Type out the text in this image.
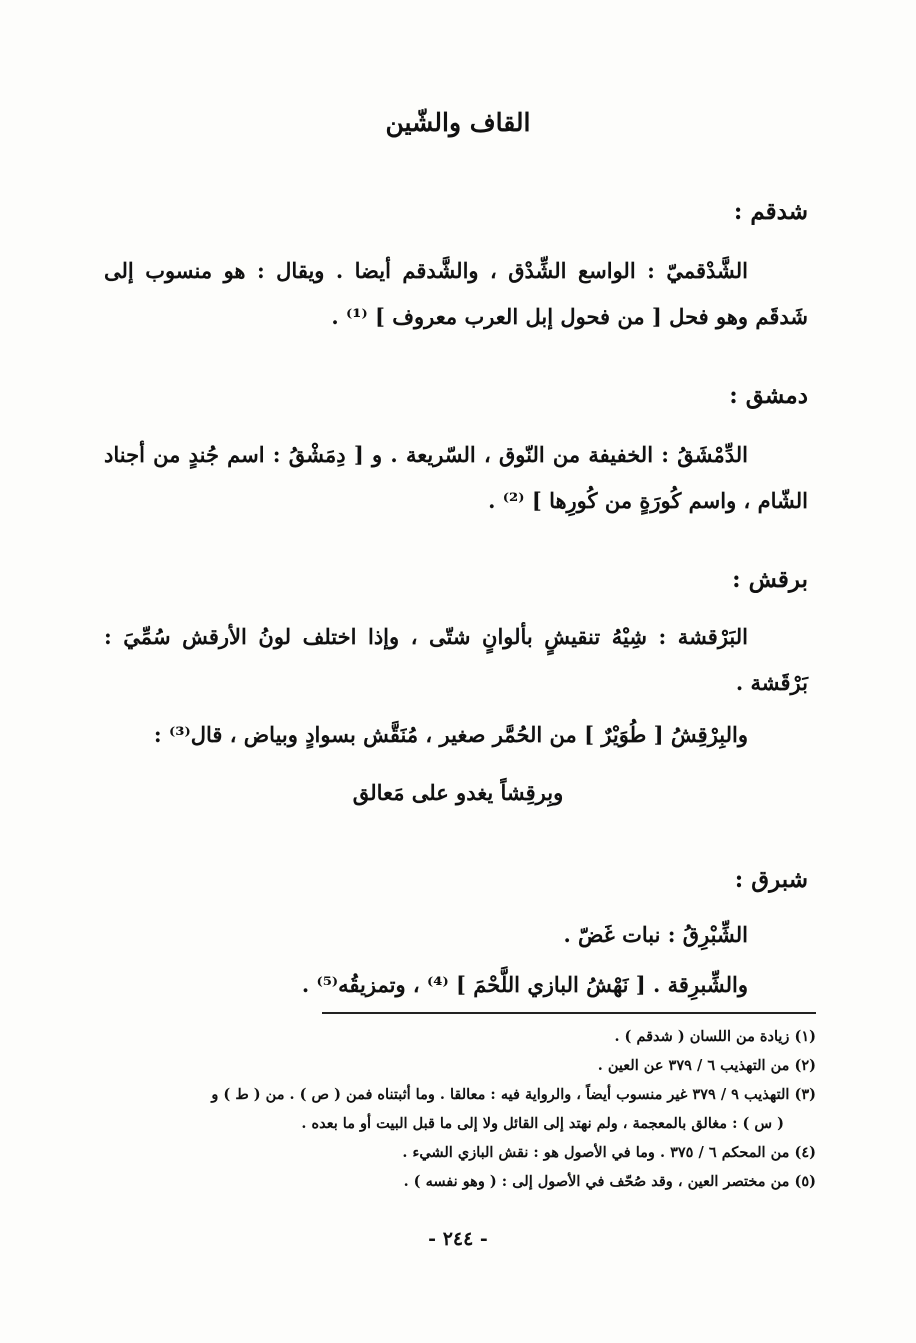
القاف والشّين
شدقم :
الشَّدْقميّ : الواسع الشِّدْق ، والشَّدقم أيضا . ويقال : هو منسوب إلى شَدقَم وهو فحل [ من فحول إبل العرب معروف ] ⁽¹⁾ .
دمشق :
الدِّمْشَقُ : الخفيفة من النّوق ، السّريعة . و [ دِمَشْقُ : اسم جُندٍ من أجناد الشّام ، واسم كُورَةٍ من كُورِها ] ⁽²⁾ .
برقش :
البَرْقشة : شِيْهُ تنقيشٍ بألوانٍ شتّى ، وإذا اختلف لونُ الأرقش سُمِّيَ : بَرْقَشة .
والبِرْقِشُ [ طُوَيْرٌ ] من الحُمَّر صغير ، مُنَقَّش بسوادٍ وبياض ، قال⁽³⁾ :
وبِرقِشاً يغدو على مَعالق
شبرق :
الشِّبْرِقُ : نبات غَضّ .
والشِّبرِقة . [ نَهْشُ البازي اللَّحْمَ ] ⁽⁴⁾ ، وتمزيقُه⁽⁵⁾ .
(١) زيادة من اللسان ( شدقم ) .
(٢) من التهذيب ٦ / ٣٧٩ عن العين .
(٣) التهذيب ٩ / ٣٧٩ غير منسوب أيضاً ، والرواية فيه : معالقا . وما أثبتناه فمن ( ص ) . من ( ط ) و
( س ) : مغالق بالمعجمة ، ولم نهتد إلى القائل ولا إلى ما قبل البيت أو ما بعده .
(٤) من المحكم ٦ / ٣٧٥ . وما في الأصول هو : نقش البازي الشيء .
(٥) من مختصر العين ، وقد صُحّف في الأصول إلى : ( وهو نفسه ) .
- ٢٤٤ -
